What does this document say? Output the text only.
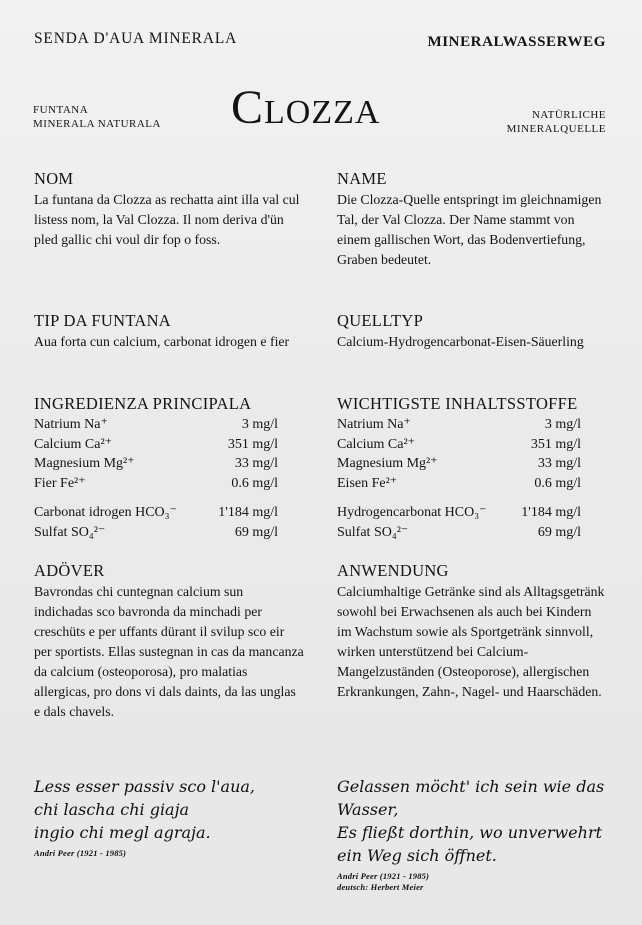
SENDA D'AUA MINERALA	MINERALWASSERWEG
FUNTANA
MINERALA NATURALA Clozza	NATÜRLICHE
MINERALQUELLE
NOM
La funtana da Clozza as rechatta aint illa val cul listess nom, la Val Clozza. Il nom deriva d'ün pled gallic chi voul dir fop o foss.
TIP DA FUNTANA
Aua forta cun calcium, carbonat idrogen e fier
INGREDIENZA PRINCIPALA
Natrium Na⁺	3 mg/l
Calcium Ca²⁺	351 mg/l
Magnesium Mg²⁺	33 mg/l
Fier Fe²⁺	0.6 mg/l
Carbonat idrogen HCO₃⁻	1'184 mg/l
Sulfat SO₄²⁻	69 mg/l
ADÖVER
Bavrondas chi cuntegnan calcium sun indichadas sco bavronda da minchadi per creschüts e per uffants dürant il svilup sco eir per sportists. Ellas sustegnan in cas da mancanza da calcium (osteoporosa), pro malatias allergicas, pro dons vi dals daints, da las unglas e dals chavels.
Less esser passiv sco l'aua,
chi lascha chi giaja
ingio chi megl agraja.
Andri Peer (1921 - 1985)
NAME
Die Clozza-Quelle entspringt im gleichnamigen Tal, der Val Clozza. Der Name stammt von einem gallischen Wort, das Bodenvertiefung, Graben bedeutet.
QUELLTYP
Calcium-Hydrogencarbonat-Eisen-Säuerling
WICHTIGSTE INHALTSSTOFFE
Natrium Na⁺	3 mg/l
Calcium Ca²⁺	351 mg/l
Magnesium Mg²⁺	33 mg/l
Eisen Fe²⁺	0.6 mg/l
Hydrogencarbonat HCO₃⁻ 1'184 mg/l
Sulfat SO₄²⁻	69 mg/l
ANWENDUNG
Calciumhaltige Getränke sind als Alltagsgetränk sowohl bei Erwachsenen als auch bei Kindern im Wachstum sowie als Sportgetränk sinnvoll, wirken unterstützend bei Calcium-Mangelzuständen (Osteoporose), allergischen Erkrankungen, Zahn-, Nagel- und Haarschäden.
Gelassen möcht' ich sein wie das
Wasser,
Es fließt dorthin, wo unverwehrt
ein Weg sich öffnet.
Andri Peer (1921 - 1985)
deutsch: Herbert Meier
